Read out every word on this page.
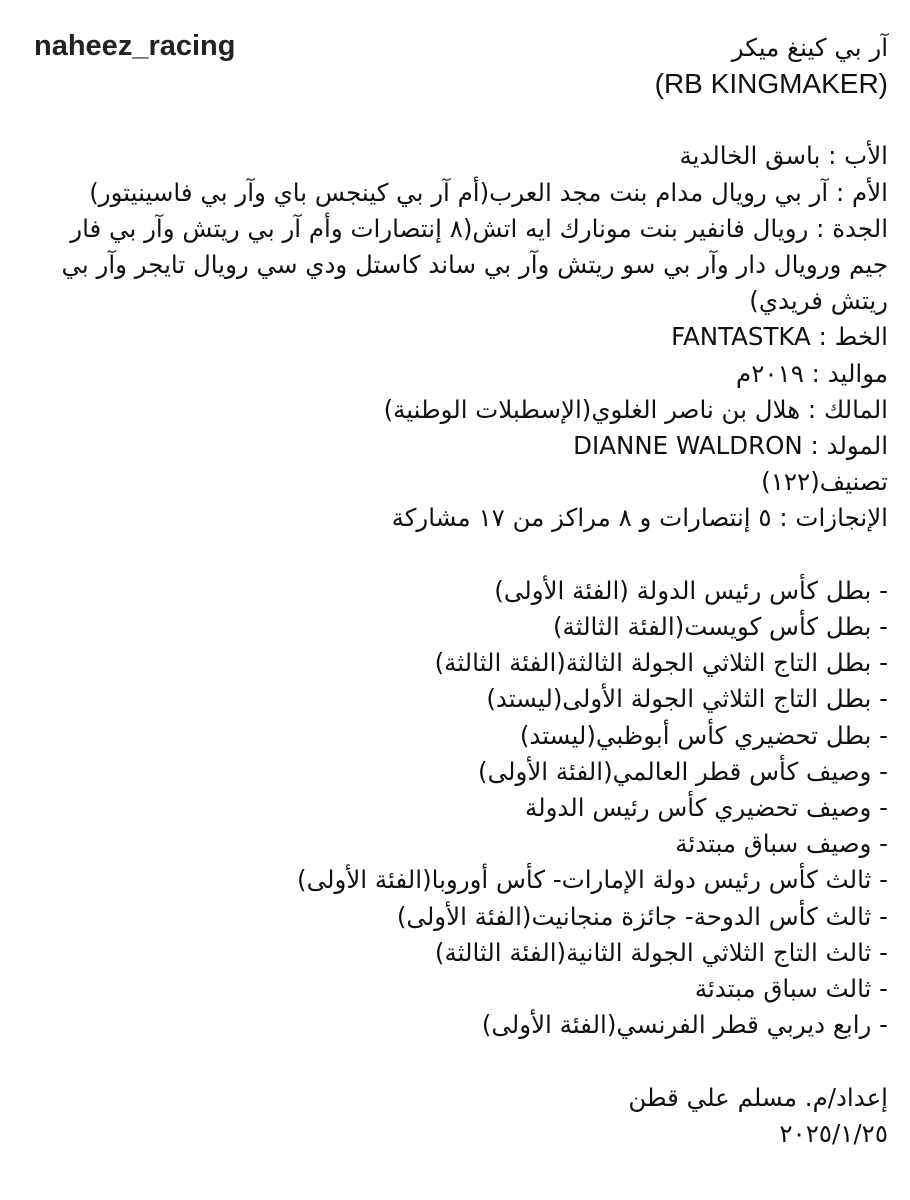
naheez_racing	آر بي كينغ ميكر
(RB KINGMAKER)
الأب : باسق الخالدية
الأم : آر بي رويال مدام بنت مجد العرب(أم آر بي كينجس باي وآر بي فاسينيتور)
الجدة : رويال فانفير بنت مونارك ايه اتش(٨ إنتصارات وأم آر بي ريتش وآر بي فار جيم ورويال دار وآر بي سو ريتش وآر بي ساند كاستل ودي سي رويال تايجر وآر بي ريتش فريدي)
الخط : FANTASTKA
مواليد : ٢٠١٩م
المالك : هلال بن ناصر الغلوي(الإسطبلات الوطنية)
المولد : DIANNE WALDRON
تصنيف(١٢٢)
الإنجازات : ٥ إنتصارات و ٨ مراكز من ١٧ مشاركة
- بطل كأس رئيس الدولة (الفئة الأولى)
- بطل كأس كويست(الفئة الثالثة)
- بطل التاج الثلاثي الجولة الثالثة(الفئة الثالثة)
- بطل التاج الثلاثي الجولة الأولى(ليستد)
- بطل تحضيري كأس أبوظبي(ليستد)
- وصيف كأس قطر العالمي(الفئة الأولى)
- وصيف تحضيري كأس رئيس الدولة
- وصيف سباق مبتدئة
- ثالث كأس رئيس دولة الإمارات- كأس أوروبا(الفئة الأولى)
- ثالث كأس الدوحة- جائزة منجانيت(الفئة الأولى)
- ثالث التاج الثلاثي الجولة الثانية(الفئة الثالثة)
- ثالث سباق مبتدئة
- رابع ديربي قطر الفرنسي(الفئة الأولى)
إعداد/م. مسلم علي قطن
٢٠٢٥/١/٢٥
